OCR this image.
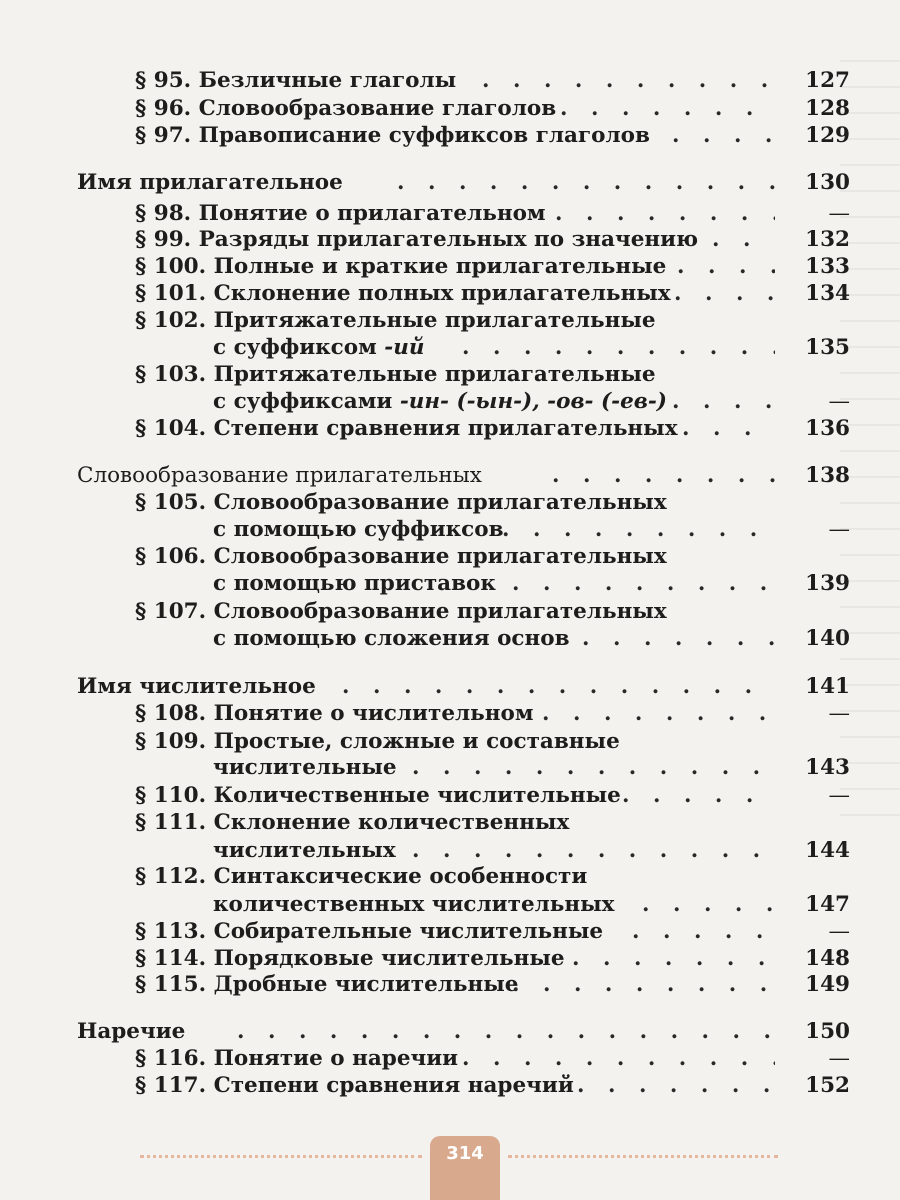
§ 95. Безличные глаголы . . .	127
§ 96. Словообразование глаголов . . .	128
§ 97. Правописание суффиксов глаголов . . .	129
Имя прилагательное . . .	130
§ 98. Понятие о прилагательном . . .	—
§ 99. Разряды прилагательных по значению . . .	132
§ 100. Полные и краткие прилагательные . . .	133
§ 101. Склонение полных прилагательных . . .	134
§ 102. Притяжательные прилагательные
с суффиксом -ий . . .	135
§ 103. Притяжательные прилагательные
с суффиксами -ин- (-ын-), -ов- (-ев-) . . .	—
§ 104. Степени сравнения прилагательных . . .	136
Словообразование прилагательных . . .	138
§ 105. Словообразование прилагательных
с помощью суффиксов . . .	—
§ 106. Словообразование прилагательных
с помощью приставок . . .	139
§ 107. Словообразование прилагательных
с помощью сложения основ . . .	140
Имя числительное . . .	141
§ 108. Понятие о числительном . . .	—
§ 109. Простые, сложные и составные
числительные . . .	143
§ 110. Количественные числительные . . .	—
§ 111. Склонение количественных
числительных . . .	144
§ 112. Синтаксические особенности
количественных числительных . . .	147
§ 113. Собирательные числительные . . .	—
§ 114. Порядковые числительные . . .	148
§ 115. Дробные числительные . . .	149
Наречие . . .	150
§ 116. Понятие о наречии . . .	—
§ 117. Степени сравнения наречий . . .	152
314
